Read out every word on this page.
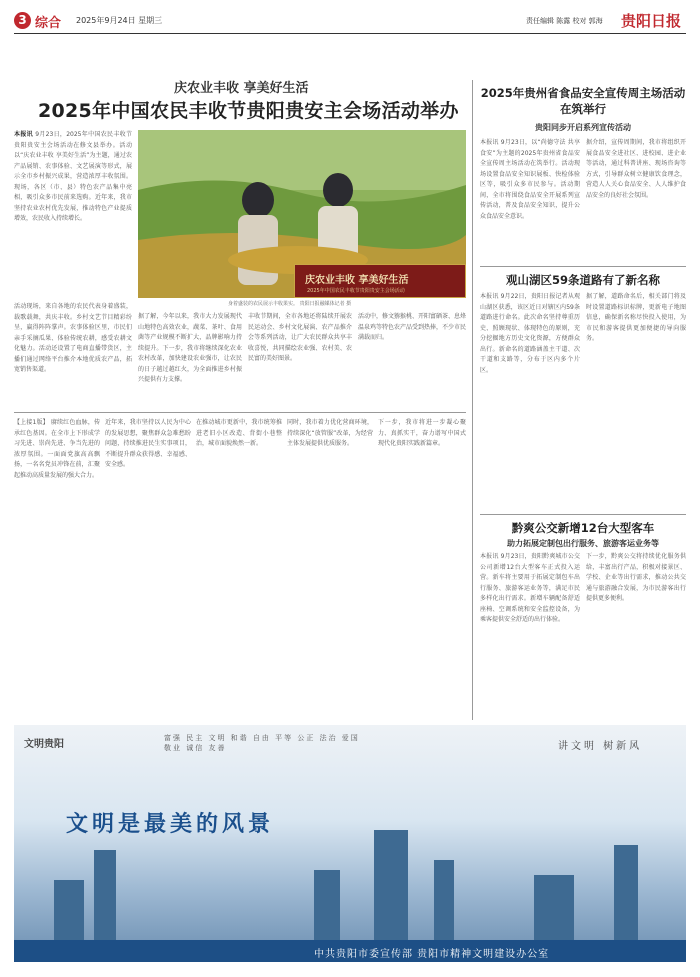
3 综合 2025年9月24日 星期三	责任编辑 陈露 校对 郭海 贵阳日报
庆农业丰收 享美好生活
2025年中国农民丰收节贵阳贵安主会场活动举办
本报讯 9月23日，2025年中国农民丰收节贵阳贵安主会场活动在修文县举办。活动以“庆农业丰收 享美好生活”为主题，通过农产品展销、农事体验、文艺展演等形式，展示全市乡村振兴成果，营造浓厚丰收氛围。现场，各区（市、县）特色农产品集中亮相，吸引众多市民前来选购。近年来，我市坚持农业农村优先发展，推动特色产业提质增效，农民收入持续增长。
身着盛装的农民展示丰收果实。 贵阳日报融媒体记者 摄
庆农业丰收 享美好生活
2025年中国农民丰收节贵阳贵安主会场活动
活动现场，来自各地的农民代表身着盛装，载歌载舞，共庆丰收。乡村文艺节目精彩纷呈，赢得阵阵掌声。农事体验区里，市民们亲手采摘瓜果、体验传统农耕，感受农耕文化魅力。活动还设置了电商直播带货区，主播们通过网络平台推介本地优质农产品，拓宽销售渠道。
据了解，今年以来，我市大力发展现代山地特色高效农业，蔬菜、茶叶、食用菌等产业规模不断扩大，品牌影响力持续提升。下一步，我市将继续深化农业农村改革，加快建设农业强市，让农民的日子越过越红火，为全面推进乡村振兴提供有力支撑。
丰收节期间，全市各地还将陆续开展农民运动会、乡村文化展演、农产品推介会等系列活动，让广大农民群众共享丰收喜悦，共同描绘农业强、农村美、农民富的美好图景。
活动中，修文猕猴桃、开阳富硒茶、息烽温泉鸡等特色农产品受到热捧，不少市民满载而归。
【上接1版】 赓续红色血脉，传承红色基因。在全市上下形成学习先进、崇尚先进、争当先进的浓厚氛围。一面面党旗高高飘扬，一名名党员冲锋在前，汇聚起推动高质量发展的强大合力。
近年来，我市坚持以人民为中心的发展思想，聚焦群众急难愁盼问题，持续推进民生实事项目，不断提升群众获得感、幸福感、安全感。
在推动城市更新中，我市统筹推进老旧小区改造、背街小巷整治，城市面貌焕然一新。
同时，我市着力优化营商环境，持续深化“放管服”改革，为经营主体发展提供优质服务。
下一步，我市将进一步凝心聚力、真抓实干，奋力谱写中国式现代化贵阳实践新篇章。
2025年贵州省食品安全宣传周主场活动在筑举行
贵阳同步开启系列宣传活动
本报讯 9月23日，以“尚德守法 共享食安”为主题的2025年贵州省食品安全宣传周主场活动在筑举行。活动现场设置食品安全知识展板、快检体验区等，吸引众多市民参与。活动期间，全市将围绕食品安全开展系列宣传活动，普及食品安全知识，提升公众食品安全意识。
据介绍，宣传周期间，我市将组织开展食品安全进社区、进校园、进企业等活动，通过科普讲座、现场咨询等方式，引导群众树立健康饮食理念，营造人人关心食品安全、人人维护食品安全的良好社会氛围。
观山湖区59条道路有了新名称
本报讯 9月22日，贵阳日报记者从观山湖区获悉，该区近日对辖区内59条道路进行命名。此次命名坚持尊重历史、照顾现状、体现特色的原则，充分挖掘地方历史文化资源，方便群众出行。新命名的道路涵盖主干道、次干道和支路等，分布于区内多个片区。
据了解，道路命名后，相关部门将及时设置道路标识标牌，更新电子地图信息，确保新名称尽快投入使用，为市民和游客提供更加便捷的导向服务。
黔爽公交新增12台大型客车
助力拓展定制包出行服务、旅游客运业务等
本报讯 9月23日，贵阳黔爽城市公交公司新增12台大型客车正式投入运营。新车将主要用于拓展定制包车出行服务、旅游客运业务等，满足市民多样化出行需求。新增车辆配备舒适座椅、空调系统和安全监控设备，为乘客提供安全舒适的出行体验。
下一步，黔爽公交将持续优化服务供给，丰富出行产品，积极对接景区、学校、企业等出行需求，推动公共交通与旅游融合发展，为市民游客出行提供更多便利。
文明贵阳
富强 民主 文明 和谐 自由 平等 公正 法治 爱国 敬业 诚信 友善	讲文明 树新风
文明是最美的风景
中共贵阳市委宣传部 贵阳市精神文明建设办公室
